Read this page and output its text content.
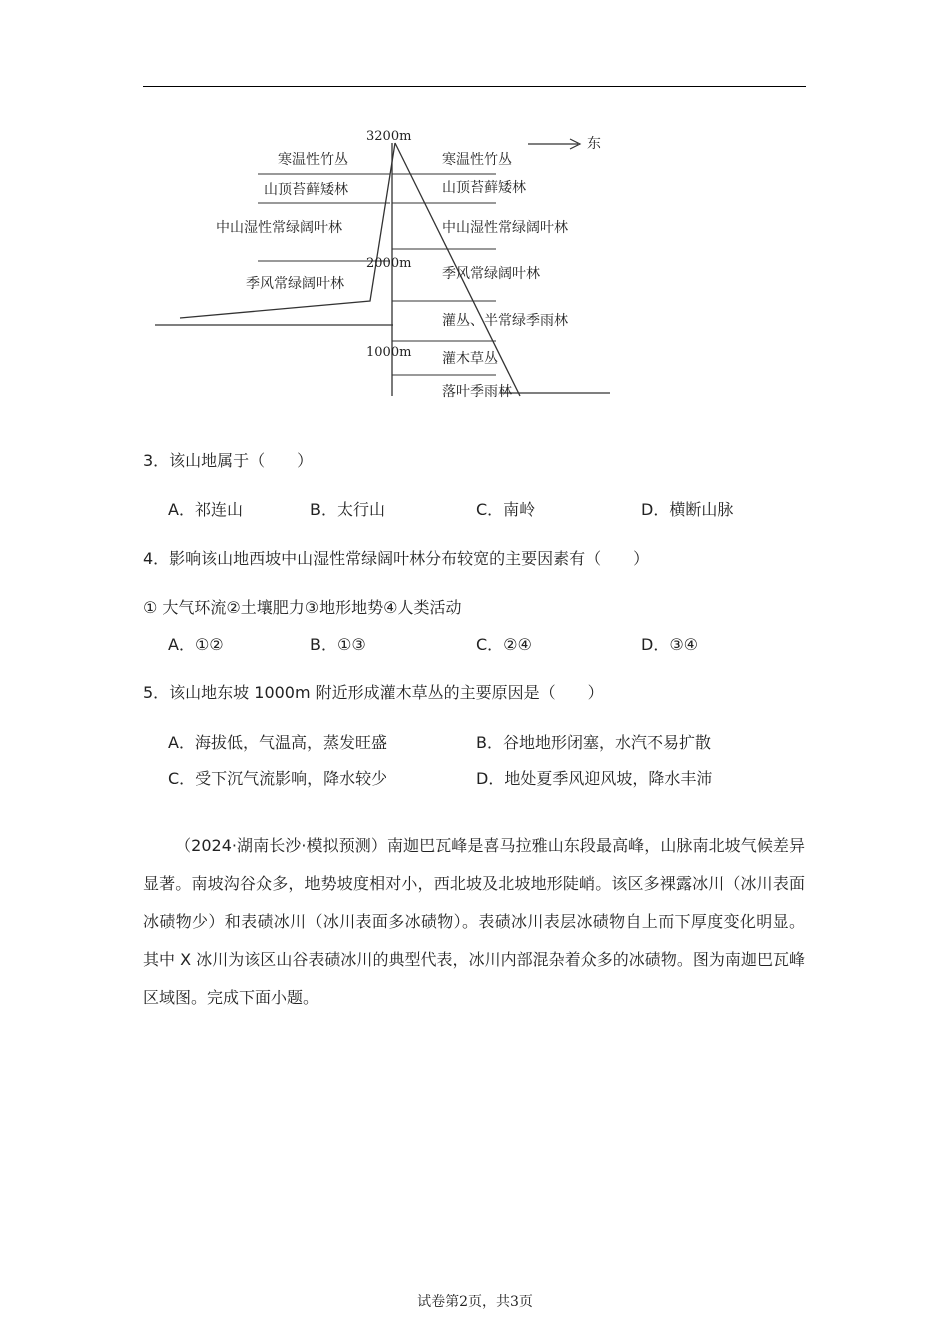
东
3200m
2000m
1000m
寒温性竹丛
山顶苔藓矮林
中山湿性常绿阔叶林
季风常绿阔叶林
寒温性竹丛
山顶苔藓矮林
中山湿性常绿阔叶林
季风常绿阔叶林
灌丛、半常绿季雨林
灌木草丛
落叶季雨林
3．该山地属于（　　）
A．祁连山	B．太行山	C．南岭	D．横断山脉
4．影响该山地西坡中山湿性常绿阔叶林分布较宽的主要因素有（　　）
① 大气环流②土壤肥力③地形地势④人类活动
A．①②	B．①③	C．②④	D．③④
5．该山地东坡 1000m 附近形成灌木草丛的主要原因是（　　）
A．海拔低，气温高，蒸发旺盛	B．谷地地形闭塞，水汽不易扩散
C．受下沉气流影响，降水较少	D．地处夏季风迎风坡，降水丰沛
（2024·湖南长沙·模拟预测）南迦巴瓦峰是喜马拉雅山东段最高峰，山脉南北坡气候差异显著。南坡沟谷众多，地势坡度相对小，西北坡及北坡地形陡峭。该区多裸露冰川（冰川表面冰碛物少）和表碛冰川（冰川表面多冰碛物）。表碛冰川表层冰碛物自上而下厚度变化明显。其中 X 冰川为该区山谷表碛冰川的典型代表，冰川内部混杂着众多的冰碛物。图为南迦巴瓦峰区域图。完成下面小题。
试卷第2页，共3页
